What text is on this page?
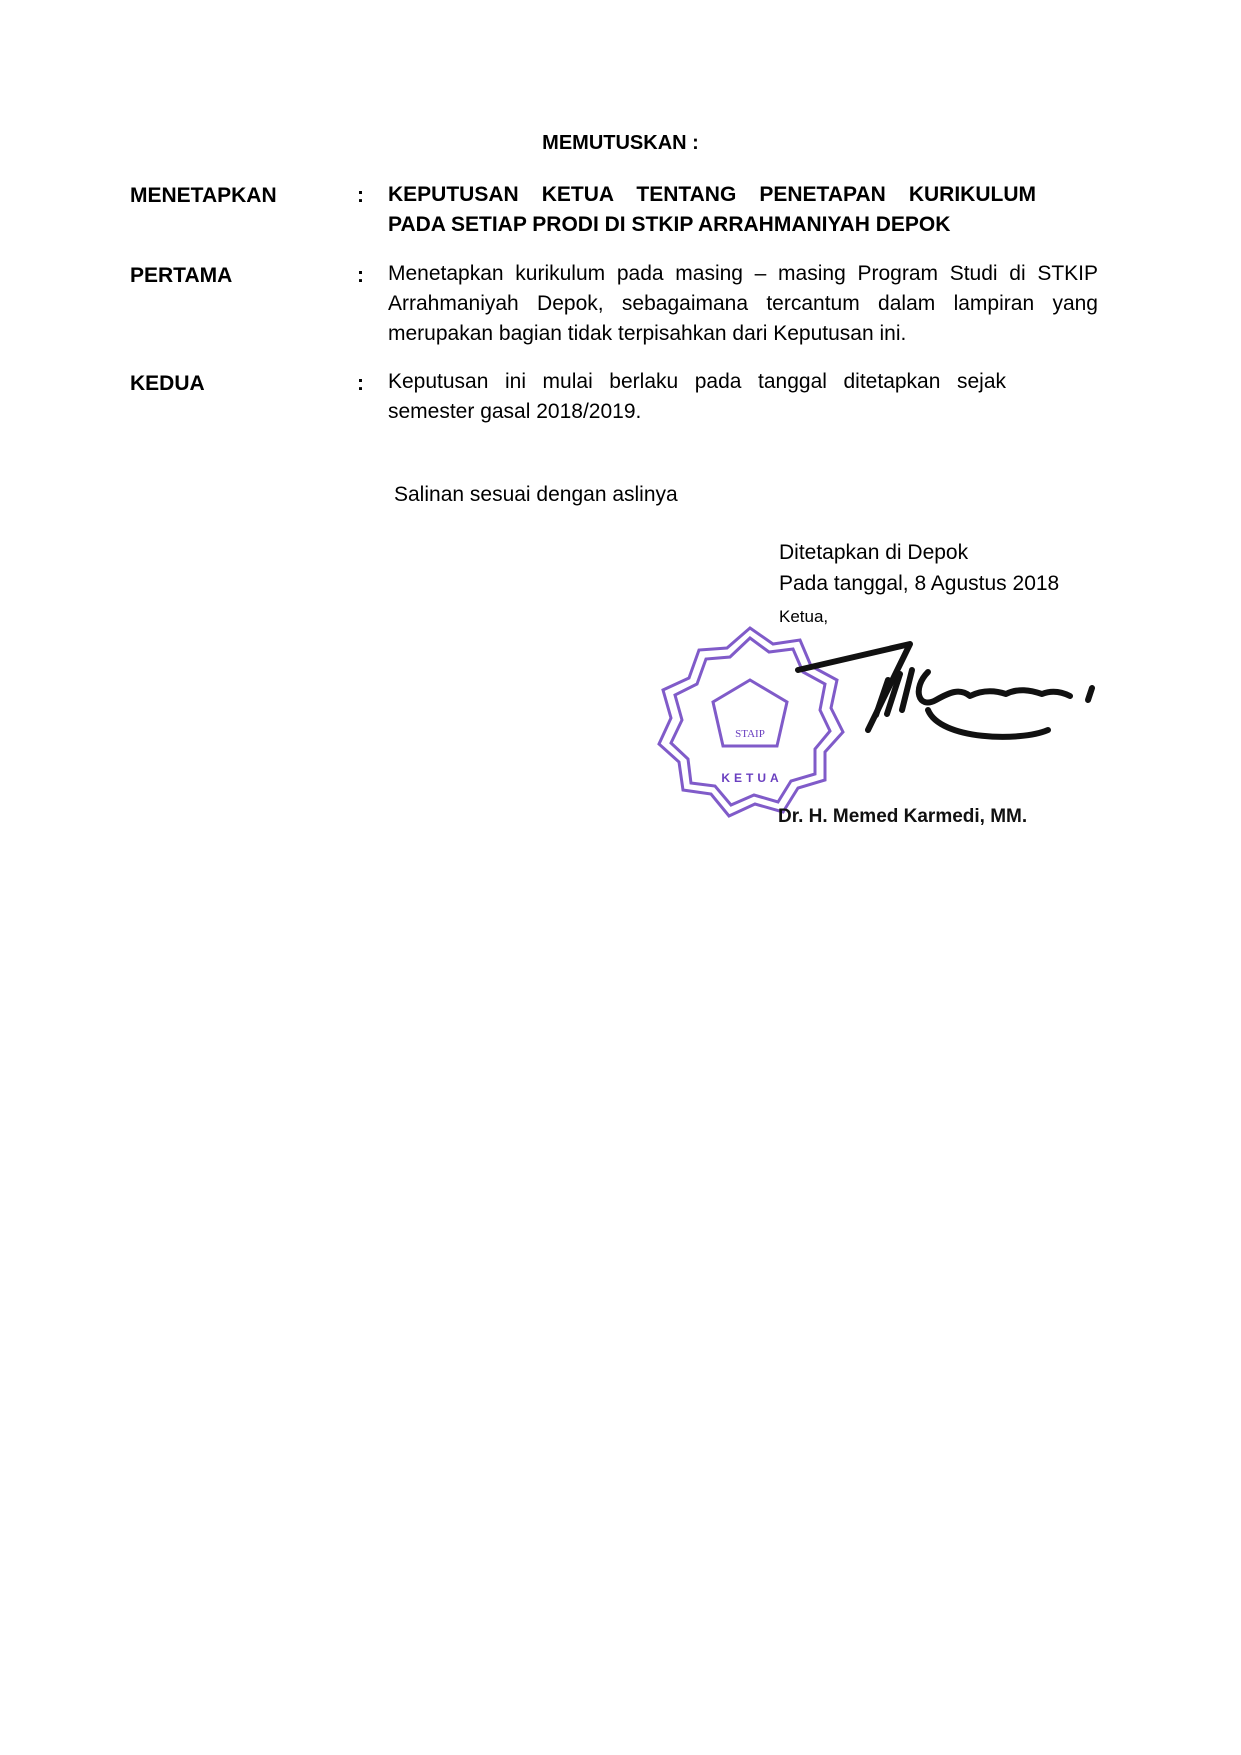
MEMUTUSKAN :
MENETAPKAN	: KEPUTUSAN KETUA TENTANG PENETAPAN KURIKULUM
PADA SETIAP PRODI DI STKIP ARRAHMANIYAH DEPOK
PERTAMA	: Menetapkan kurikulum pada masing – masing Program Studi di STKIP
Arrahmaniyah Depok, sebagaimana tercantum dalam lampiran yang
merupakan bagian tidak terpisahkan dari Keputusan ini.
KEDUA	: Keputusan ini mulai berlaku pada tanggal ditetapkan sejak
semester gasal 2018/2019.
Salinan sesuai dengan aslinya
Ditetapkan di Depok
Pada tanggal, 8 Agustus 2018
Ketua,
STAIP
KETUA
Dr. H. Memed Karmedi, MM.
